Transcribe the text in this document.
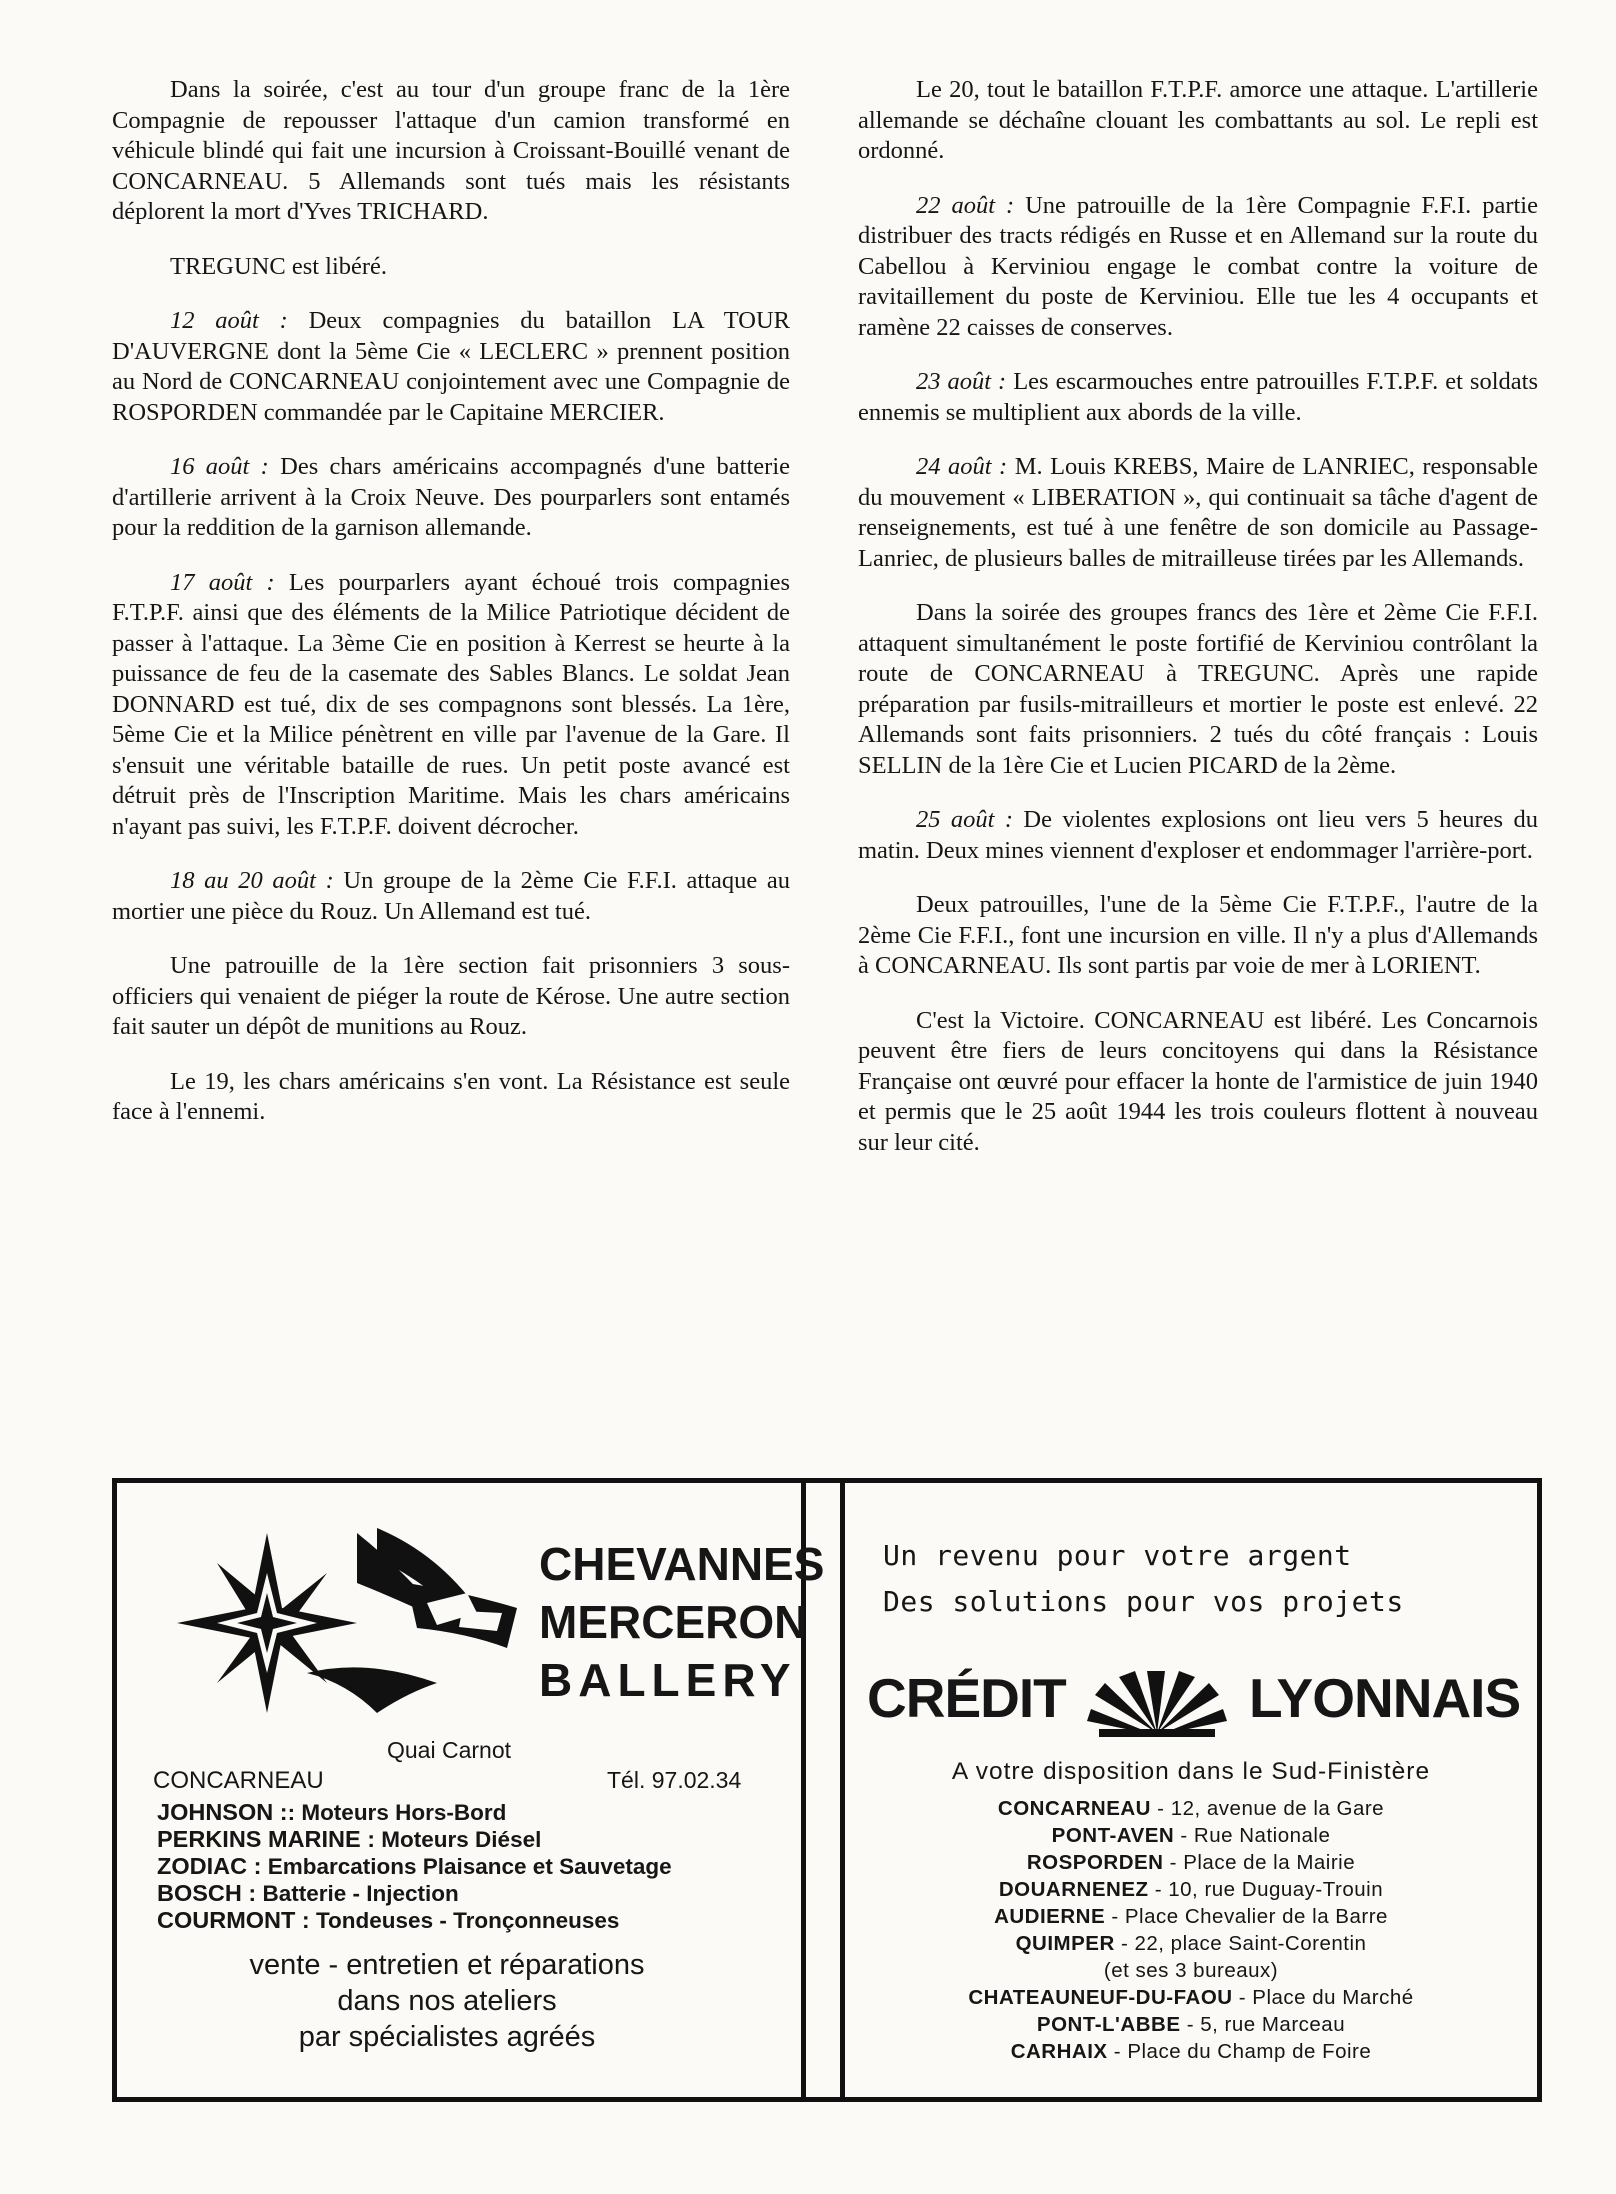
Dans la soirée, c'est au tour d'un groupe franc de la 1ère Compagnie de repousser l'attaque d'un camion transformé en véhicule blindé qui fait une incursion à Croissant-Bouillé venant de CONCARNEAU. 5 Allemands sont tués mais les résistants déplorent la mort d'Yves TRICHARD.

TREGUNC est libéré.

12 août : Deux compagnies du bataillon LA TOUR D'AUVERGNE dont la 5ème Cie « LECLERC » prennent position au Nord de CONCARNEAU conjointement avec une Compagnie de ROSPORDEN commandée par le Capitaine MERCIER.

16 août : Des chars américains accompagnés d'une batterie d'artillerie arrivent à la Croix Neuve. Des pourparlers sont entamés pour la reddition de la garnison allemande.

17 août : Les pourparlers ayant échoué trois compagnies F.T.P.F. ainsi que des éléments de la Milice Patriotique décident de passer à l'attaque. La 3ème Cie en position à Kerrest se heurte à la puissance de feu de la casemate des Sables Blancs. Le soldat Jean DONNARD est tué, dix de ses compagnons sont blessés. La 1ère, 5ème Cie et la Milice pénètrent en ville par l'avenue de la Gare. Il s'ensuit une véritable bataille de rues. Un petit poste avancé est détruit près de l'Inscription Maritime. Mais les chars américains n'ayant pas suivi, les F.T.P.F. doivent décrocher.

18 au 20 août : Un groupe de la 2ème Cie F.F.I. attaque au mortier une pièce du Rouz. Un Allemand est tué.

Une patrouille de la 1ère section fait prisonniers 3 sous-officiers qui venaient de piéger la route de Kérose. Une autre section fait sauter un dépôt de munitions au Rouz.

Le 19, les chars américains s'en vont. La Résistance est seule face à l'ennemi.

Le 20, tout le bataillon F.T.P.F. amorce une attaque. L'artillerie allemande se déchaîne clouant les combattants au sol. Le repli est ordonné.

22 août : Une patrouille de la 1ère Compagnie F.F.I. partie distribuer des tracts rédigés en Russe et en Allemand sur la route du Cabellou à Kerviniou engage le combat contre la voiture de ravitaillement du poste de Kerviniou. Elle tue les 4 occupants et ramène 22 caisses de conserves.

23 août : Les escarmouches entre patrouilles F.T.P.F. et soldats ennemis se multiplient aux abords de la ville.

24 août : M. Louis KREBS, Maire de LANRIEC, responsable du mouvement « LIBERATION », qui continuait sa tâche d'agent de renseignements, est tué à une fenêtre de son domicile au Passage-Lanriec, de plusieurs balles de mitrailleuse tirées par les Allemands.

Dans la soirée des groupes francs des 1ère et 2ème Cie F.F.I. attaquent simultanément le poste fortifié de Kerviniou contrôlant la route de CONCARNEAU à TREGUNC. Après une rapide préparation par fusils-mitrailleurs et mortier le poste est enlevé. 22 Allemands sont faits prisonniers. 2 tués du côté français : Louis SELLIN de la 1ère Cie et Lucien PICARD de la 2ème.

25 août : De violentes explosions ont lieu vers 5 heures du matin. Deux mines viennent d'exploser et endommager l'arrière-port.

Deux patrouilles, l'une de la 5ème Cie F.T.P.F., l'autre de la 2ème Cie F.F.I., font une incursion en ville. Il n'y a plus d'Allemands à CONCARNEAU. Ils sont partis par voie de mer à LORIENT.

C'est la Victoire. CONCARNEAU est libéré. Les Concarnois peuvent être fiers de leurs concitoyens qui dans la Résistance Française ont œuvré pour effacer la honte de l'armistice de juin 1940 et permis que le 25 août 1944 les trois couleurs flottent à nouveau sur leur cité.

CHEVANNES
MERCERON
BALLERY
Quai Carnot
CONCARNEAU	Tél. 97.02.34
JOHNSON :: Moteurs Hors-Bord
PERKINS MARINE : Moteurs Diésel
ZODIAC : Embarcations Plaisance et Sauvetage
BOSCH : Batterie - Injection
COURMONT : Tondeuses - Tronçonneuses
vente - entretien et réparations
dans nos ateliers
par spécialistes agréés
Un revenu pour votre argent
Des solutions pour vos projets
CRÉDIT	LYONNAIS
A votre disposition dans le Sud-Finistère
CONCARNEAU - 12, avenue de la Gare
PONT-AVEN - Rue Nationale
ROSPORDEN - Place de la Mairie
DOUARNENEZ - 10, rue Duguay-Trouin
AUDIERNE - Place Chevalier de la Barre
QUIMPER - 22, place Saint-Corentin
(et ses 3 bureaux)
CHATEAUNEUF-DU-FAOU - Place du Marché
PONT-L'ABBE - 5, rue Marceau
CARHAIX - Place du Champ de Foire
